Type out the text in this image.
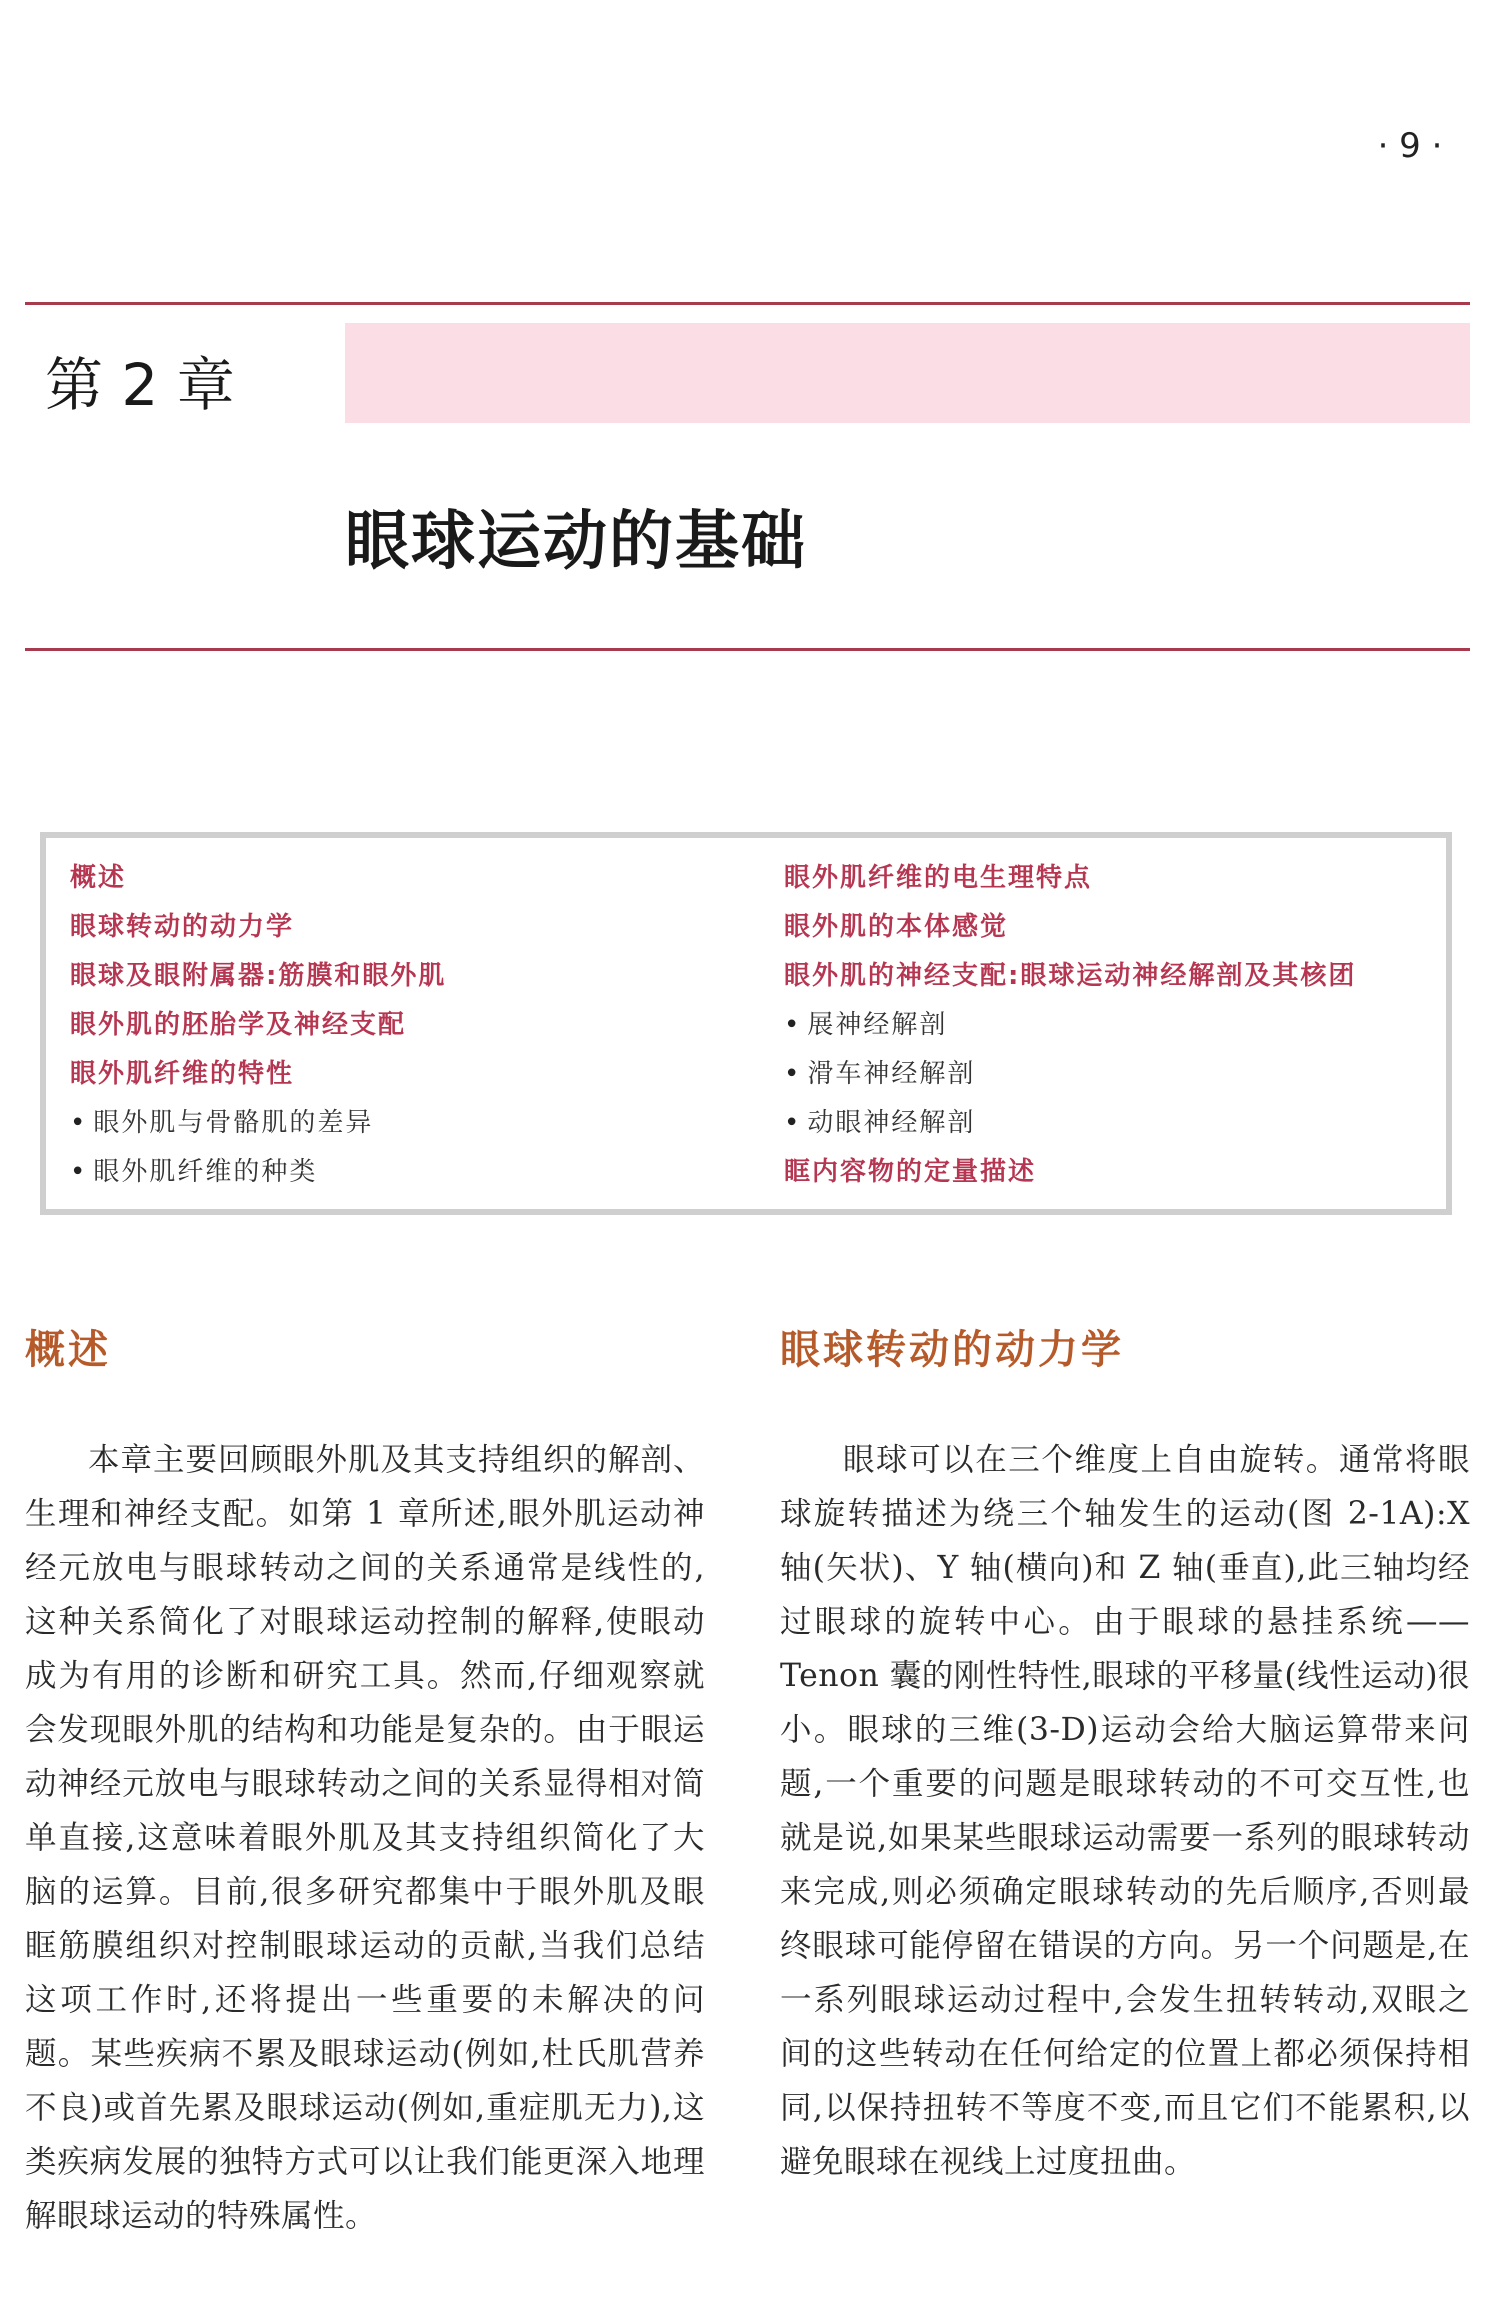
· 9 ·
第 2 章
眼球运动的基础
概述
眼球转动的动力学
眼球及眼附属器:筋膜和眼外肌
眼外肌的胚胎学及神经支配
眼外肌纤维的特性
• 眼外肌与骨骼肌的差异
• 眼外肌纤维的种类
眼外肌纤维的电生理特点
眼外肌的本体感觉
眼外肌的神经支配:眼球运动神经解剖及其核团
• 展神经解剖
• 滑车神经解剖
• 动眼神经解剖
眶内容物的定量描述
概述

本章主要回顾眼外肌及其支持组织的解剖、生理和神经支配。如第 1 章所述,眼外肌运动神经元放电与眼球转动之间的关系通常是线性的,这种关系简化了对眼球运动控制的解释,使眼动成为有用的诊断和研究工具。然而,仔细观察就会发现眼外肌的结构和功能是复杂的。由于眼运动神经元放电与眼球转动之间的关系显得相对简单直接,这意味着眼外肌及其支持组织简化了大脑的运算。目前,很多研究都集中于眼外肌及眼眶筋膜组织对控制眼球运动的贡献,当我们总结这项工作时,还将提出一些重要的未解决的问题。某些疾病不累及眼球运动(例如,杜氏肌营养不良)或首先累及眼球运动(例如,重症肌无力),这类疾病发展的独特方式可以让我们能更深入地理解眼球运动的特殊属性。

眼球转动的动力学

眼球可以在三个维度上自由旋转。通常将眼球旋转描述为绕三个轴发生的运动(图 2-1A):X 轴(矢状)、Y 轴(横向)和 Z 轴(垂直),此三轴均经过眼球的旋转中心。由于眼球的悬挂系统——Tenon 囊的刚性特性,眼球的平移量(线性运动)很小。眼球的三维(3-D)运动会给大脑运算带来问题,一个重要的问题是眼球转动的不可交互性,也就是说,如果某些眼球运动需要一系列的眼球转动来完成,则必须确定眼球转动的先后顺序,否则最终眼球可能停留在错误的方向。另一个问题是,在一系列眼球运动过程中,会发生扭转转动,双眼之间的这些转动在任何给定的位置上都必须保持相同,以保持扭转不等度不变,而且它们不能累积,以避免眼球在视线上过度扭曲。
